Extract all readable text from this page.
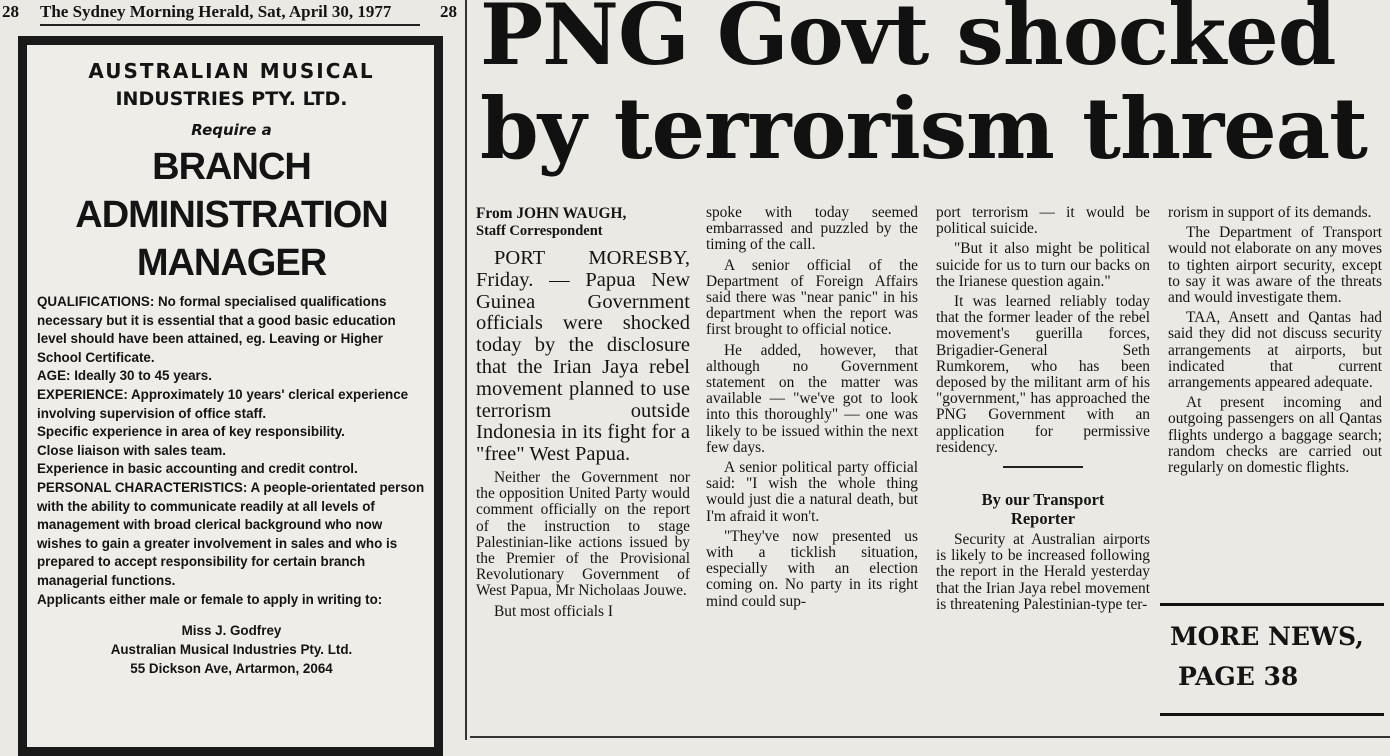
28 The Sydney Morning Herald, Sat, April 30, 1977	28
AUSTRALIAN MUSICAL
INDUSTRIES PTY. LTD.
Require a
BRANCH
ADMINISTRATION
MANAGER
QUALIFICATIONS: No formal specialised qualifications necessary but it is essential that a good basic education level should have been attained, eg. Leaving or Higher School Certificate.
AGE: Ideally 30 to 45 years.
EXPERIENCE: Approximately 10 years' clerical experience involving supervision of office staff.
Specific experience in area of key responsibility.
Close liaison with sales team.
Experience in basic accounting and credit control.
PERSONAL CHARACTERISTICS: A people-orientated person with the ability to communicate readily at all levels of management with broad clerical background who now wishes to gain a greater involvement in sales and who is prepared to accept responsibility for certain branch managerial functions.
Applicants either male or female to apply in writing to:
Miss J. Godfrey
Australian Musical Industries Pty. Ltd.
55 Dickson Ave, Artarmon, 2064
PNG Govt shocked by terrorism threat

From JOHN WAUGH,
Staff Correspondent

PORT MORESBY, Friday. — Papua New Guinea Government officials were shocked today by the disclosure that the Irian Jaya rebel movement planned to use terrorism outside Indonesia in its fight for a "free" West Papua.

Neither the Government nor the opposition United Party would comment officially on the report of the instruction to stage Palestinian-like actions issued by the Premier of the Provisional Revolutionary Government of West Papua, Mr Nicholaas Jouwe.

But most officials I

spoke with today seemed embarrassed and puzzled by the timing of the call.

A senior official of the Department of Foreign Affairs said there was "near panic" in his department when the report was first brought to official notice.

He added, however, that although no Government statement on the matter was available — "we've got to look into this thoroughly" — one was likely to be issued within the next few days.

A senior political party official said: "I wish the whole thing would just die a natural death, but I'm afraid it won't.

"They've now presented us with a ticklish situation, especially with an election coming on. No party in its right mind could sup-

port terrorism — it would be political suicide.

"But it also might be political suicide for us to turn our backs on the Irianese question again."

It was learned reliably today that the former leader of the rebel movement's guerilla forces, Brigadier-General Seth Rumkorem, who has been deposed by the militant arm of his "government," has approached the PNG Government with an application for permissive residency.

By our Transport
Reporter

Security at Australian airports is likely to be increased following the report in the Herald yesterday that the Irian Jaya rebel movement is threatening Palestinian-type ter-

rorism in support of its demands.

The Department of Transport would not elaborate on any moves to tighten airport security, except to say it was aware of the threats and would investigate them.

TAA, Ansett and Qantas had said they did not discuss security arrangements at airports, but indicated that current arrangements appeared adequate.

At present incoming and outgoing passengers on all Qantas flights undergo a baggage search; random checks are carried out regularly on domestic flights.

MORE NEWS,
PAGE 38
